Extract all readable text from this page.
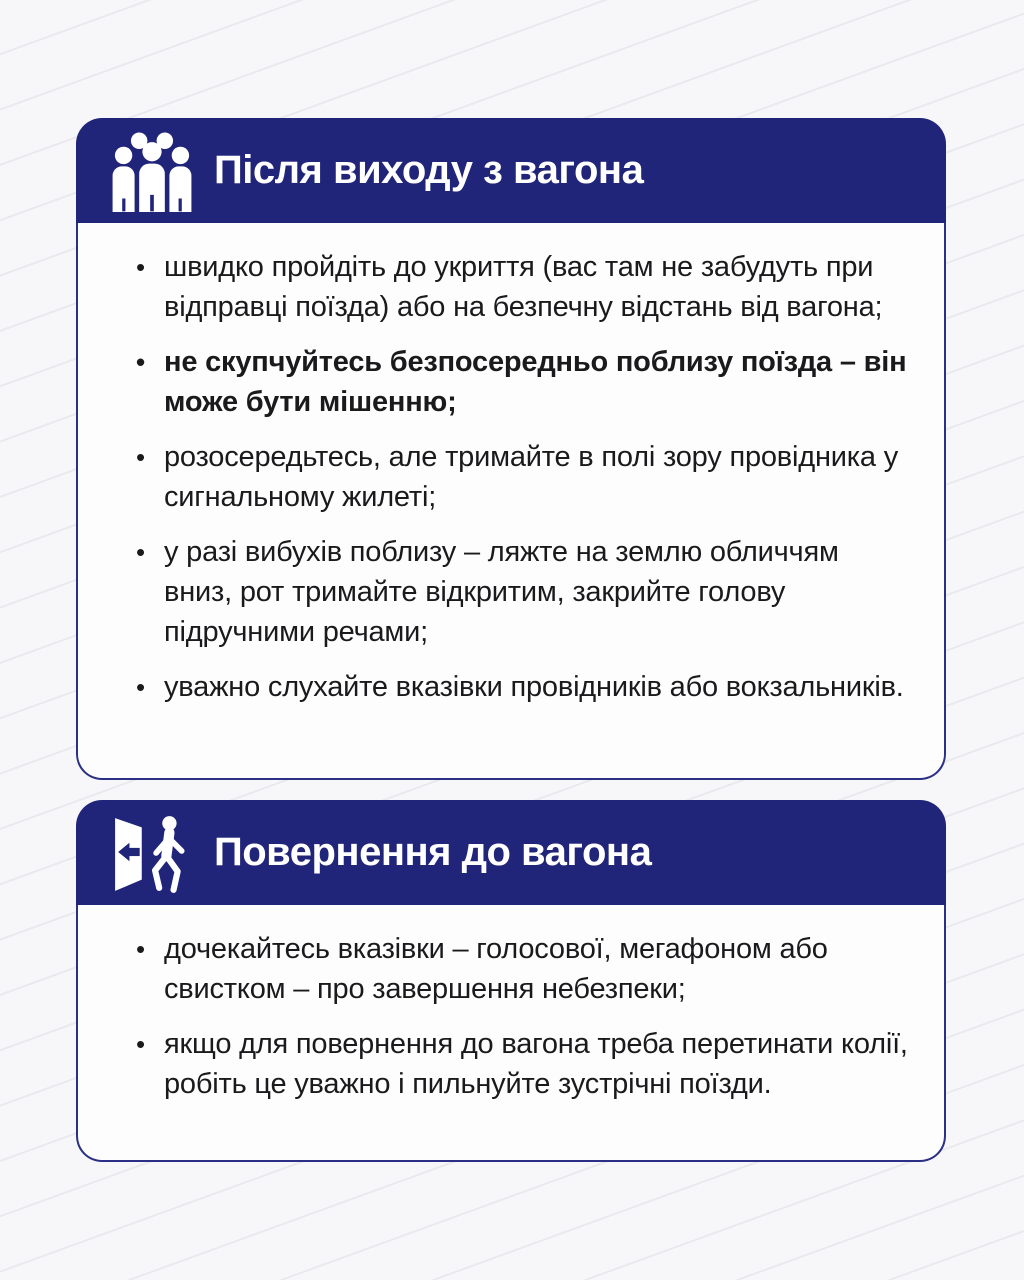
Після виходу з вагона
• швидко пройдіть до укриття (вас там не забудуть при відправці поїзда) або на безпечну відстань від вагона;
• не скупчуйтесь безпосередньо поблизу поїзда – він може бути мішенню;
• розосередьтесь, але тримайте в полі зору провідника у сигнальному жилеті;
• у разі вибухів поблизу – ляжте на землю обличчям вниз, рот тримайте відкритим, закрийте голову підручними речами;
• уважно слухайте вказівки провідників або вокзальників.
Повернення до вагона
• дочекайтесь вказівки – голосової, мегафоном або свистком – про завершення небезпеки;
• якщо для повернення до вагона треба перетинати колії, робіть це уважно і пильнуйте зустрічні поїзди.
